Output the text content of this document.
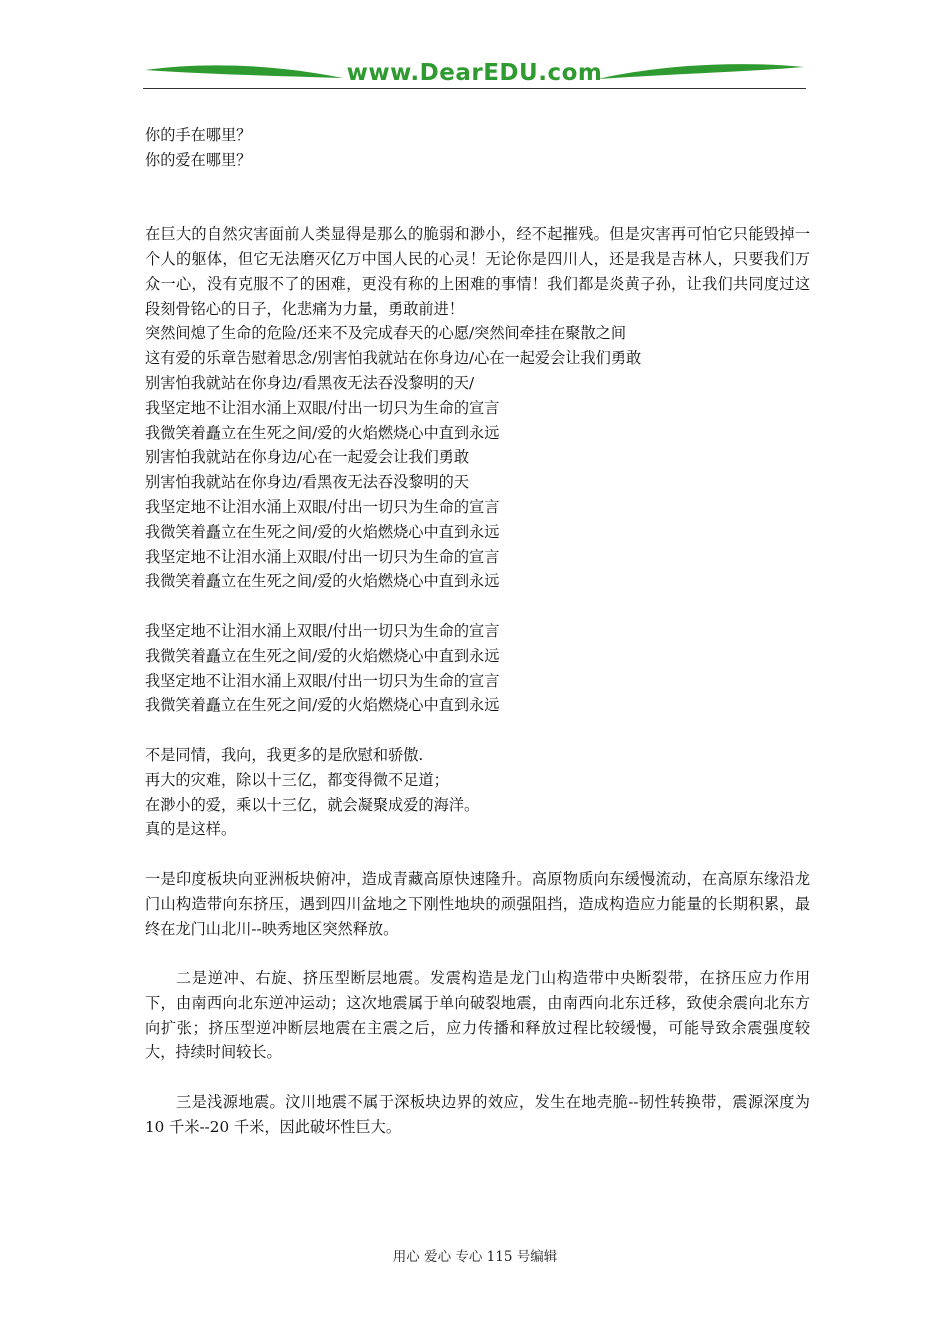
www.DearEDU.com
你的手在哪里？
你的爱在哪里？
在巨大的自然灾害面前人类显得是那么的脆弱和渺小，经不起摧残。但是灾害再可怕它只能毁掉一个人的躯体，但它无法磨灭亿万中国人民的心灵！无论你是四川人，还是我是吉林人，只要我们万众一心，没有克服不了的困难，更没有称的上困难的事情！我们都是炎黄子孙，让我们共同度过这段刻骨铭心的日子，化悲痛为力量，勇敢前进！
突然间熄了生命的危险/还来不及完成春天的心愿/突然间牵挂在聚散之间
这有爱的乐章告慰着思念/别害怕我就站在你身边/心在一起爱会让我们勇敢
别害怕我就站在你身边/看黑夜无法吞没黎明的天/
我坚定地不让泪水涌上双眼/付出一切只为生命的宣言
我微笑着矗立在生死之间/爱的火焰燃烧心中直到永远
别害怕我就站在你身边/心在一起爱会让我们勇敢
别害怕我就站在你身边/看黑夜无法吞没黎明的天
我坚定地不让泪水涌上双眼/付出一切只为生命的宣言
我微笑着矗立在生死之间/爱的火焰燃烧心中直到永远
我坚定地不让泪水涌上双眼/付出一切只为生命的宣言
我微笑着矗立在生死之间/爱的火焰燃烧心中直到永远
我坚定地不让泪水涌上双眼/付出一切只为生命的宣言
我微笑着矗立在生死之间/爱的火焰燃烧心中直到永远
我坚定地不让泪水涌上双眼/付出一切只为生命的宣言
我微笑着矗立在生死之间/爱的火焰燃烧心中直到永远
不是同情，我向，我更多的是欣慰和骄傲.
再大的灾难，除以十三亿，都变得微不足道；
在渺小的爱，乘以十三亿，就会凝聚成爱的海洋。
真的是这样。
一是印度板块向亚洲板块俯冲，造成青藏高原快速隆升。高原物质向东缓慢流动，在高原东缘沿龙门山构造带向东挤压，遇到四川盆地之下刚性地块的顽强阻挡，造成构造应力能量的长期积累，最终在龙门山北川--映秀地区突然释放。
二是逆冲、右旋、挤压型断层地震。发震构造是龙门山构造带中央断裂带，在挤压应力作用下，由南西向北东逆冲运动；这次地震属于单向破裂地震，由南西向北东迁移，致使余震向北东方向扩张；挤压型逆冲断层地震在主震之后，应力传播和释放过程比较缓慢，可能导致余震强度较大，持续时间较长。
三是浅源地震。汶川地震不属于深板块边界的效应，发生在地壳脆--韧性转换带，震源深度为 10 千米--20 千米，因此破坏性巨大。
用心 爱心 专心 115 号编辑
